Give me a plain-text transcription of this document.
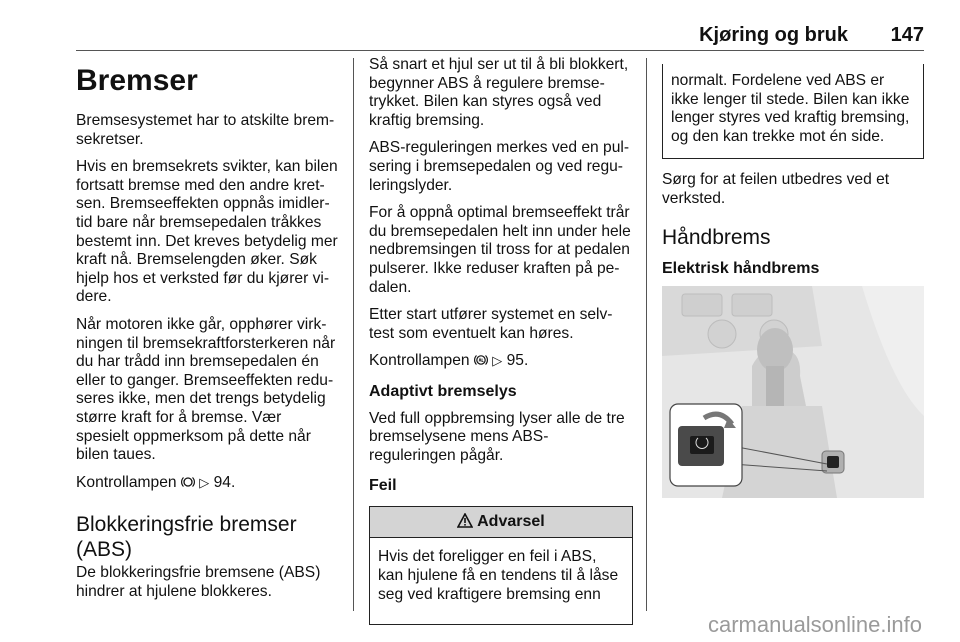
Kjøring og bruk 147
Bremser

Bremsesystemet har to atskilte brem-sekretser.

Hvis en bremsekrets svikter, kan bilen fortsatt bremse med den andre kret-sen. Bremseeffekten oppnås imidler-tid bare når bremsepedalen tråkkes bestemt inn. Det kreves betydelig mer kraft nå. Bremselengden øker. Søk hjelp hos et verksted før du kjører vi-dere.

Når motoren ikke går, opphører virk-ningen til bremsekraftforsterkeren når du har trådd inn bremsepedalen én eller to ganger. Bremseeffekten redu-seres ikke, men det trengs betydelig større kraft for å bremse. Vær spesielt oppmerksom på dette når bilen taues.

Kontrollampen ▷ 94.

Blokkeringsfrie bremser (ABS)

De blokkeringsfrie bremsene (ABS) hindrer at hjulene blokkeres.

Så snart et hjul ser ut til å bli blokkert, begynner ABS å regulere bremse-trykket. Bilen kan styres også ved kraftig bremsing.

ABS-reguleringen merkes ved en pul-sering i bremsepedalen og ved regu-leringslyder.

For å oppnå optimal bremseeffekt trår du bremsepedalen helt inn under hele nedbremsingen til tross for at pedalen pulserer. Ikke reduser kraften på pe-dalen.

Etter start utfører systemet en selv-test som eventuelt kan høres.

Kontrollampen ▷ 95.

Adaptivt bremselys

Ved full oppbremsing lyser alle de tre bremselysene mens ABS-reguleringen pågår.

Feil
Advarsel
Hvis det foreligger en feil i ABS, kan hjulene få en tendens til å låse seg ved kraftigere bremsing enn
normalt. Fordelene ved ABS er ikke lenger til stede. Bilen kan ikke lenger styres ved kraftig bremsing, og den kan trekke mot én side.

Sørg for at feilen utbedres ved et verksted.

Håndbrems
Elektrisk håndbrems
carmanualsonline.info
